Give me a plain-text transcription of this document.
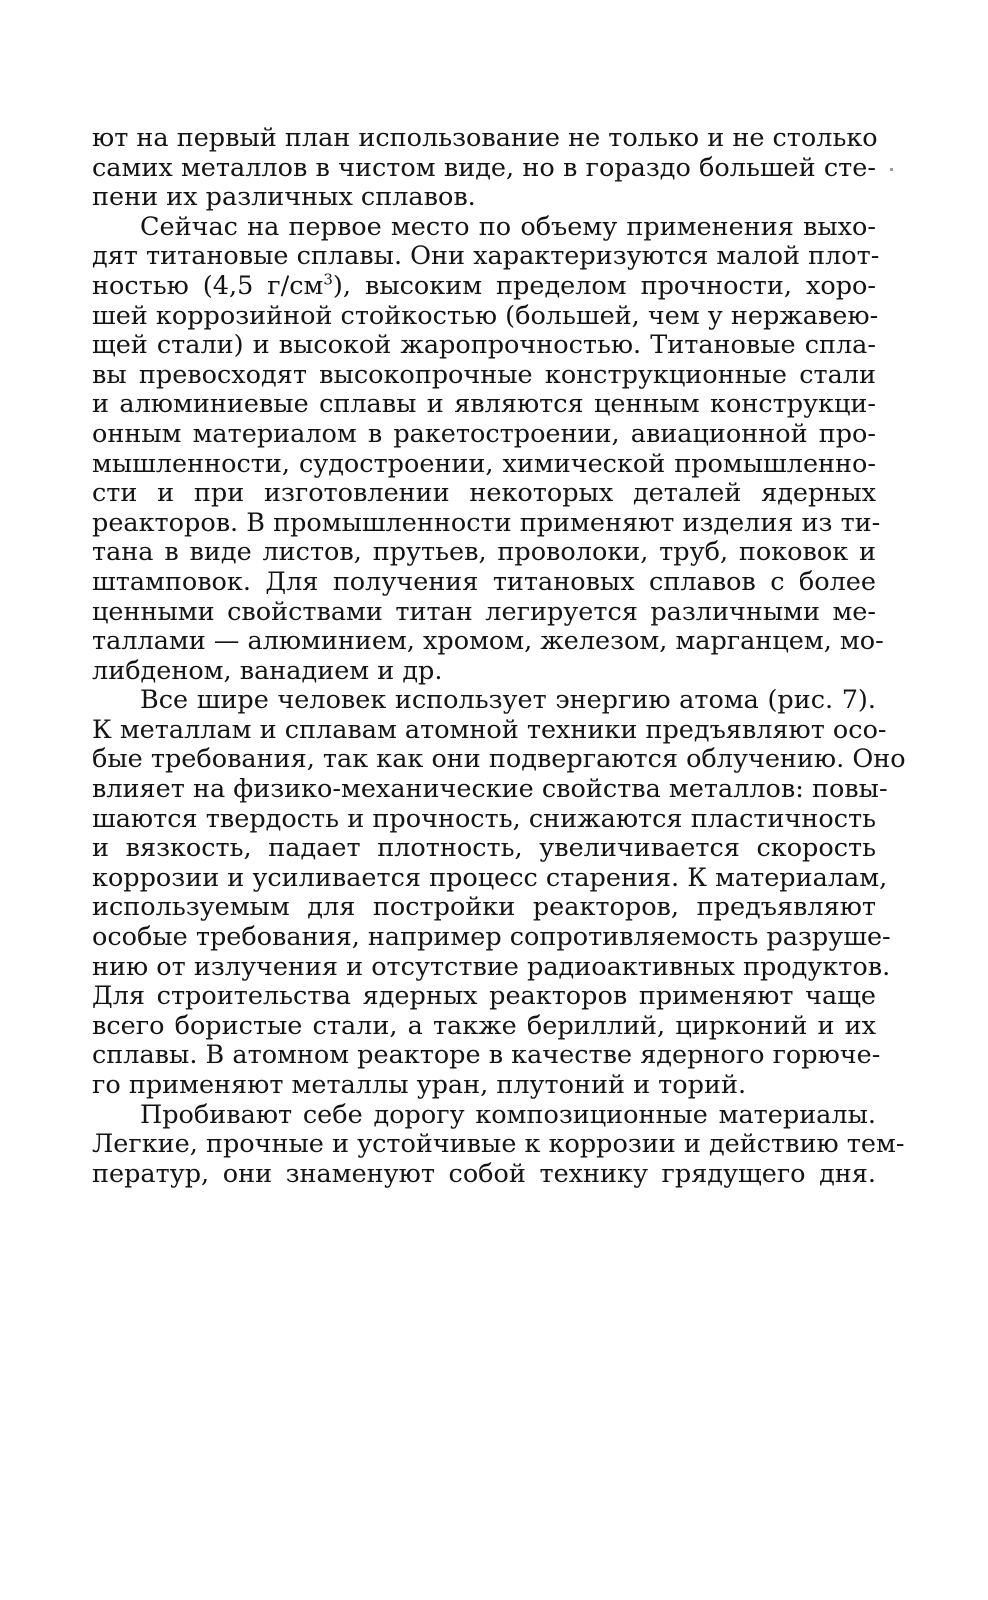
ют на первый план использование не только и не столько
самих металлов в чистом виде, но в гораздо большей сте-
пени их различных сплавов.

Сейчас на первое место по объему применения выхо-
дят титановые сплавы. Они характеризуются малой плот-
ностью (4,5 $г/см^3$), высоким пределом прочности, хоро-
шей коррозийной стойкостью (большей, чем у нержавею-
щей стали) и высокой жаропрочностью. Титановые спла-
вы превосходят высокопрочные конструкционные стали
и алюминиевые сплавы и являются ценным конструкци-
онным материалом в ракетостроении, авиационной про-
мышленности, судостроении, химической промышленно-
сти и при изготовлении некоторых деталей ядерных
реакторов. В промышленности применяют изделия из ти-
тана в виде листов, прутьев, проволоки, труб, поковок и
штамповок. Для получения титановых сплавов с более
ценными свойствами титан легируется различными ме-
таллами — алюминием, хромом, железом, марганцем, мо-
либденом, ванадием и др.

Все шире человек использует энергию атома (рис. 7).
К металлам и сплавам атомной техники предъявляют осо-
бые требования, так как они подвергаются облучению. Оно
влияет на физико-механические свойства металлов: повы-
шаются твердость и прочность, снижаются пластичность
и вязкость, падает плотность, увеличивается скорость
коррозии и усиливается процесс старения. К материалам,
используемым для постройки реакторов, предъявляют
особые требования, например сопротивляемость разруше-
нию от излучения и отсутствие радиоактивных продуктов.
Для строительства ядерных реакторов применяют чаще
всего бористые стали, а также бериллий, цирконий и их
сплавы. В атомном реакторе в качестве ядерного горюче-
го применяют металлы уран, плутоний и торий.

Пробивают себе дорогу композиционные материалы.
Легкие, прочные и устойчивые к коррозии и действию тем-
ператур, они знаменуют собой технику грядущего дня.
